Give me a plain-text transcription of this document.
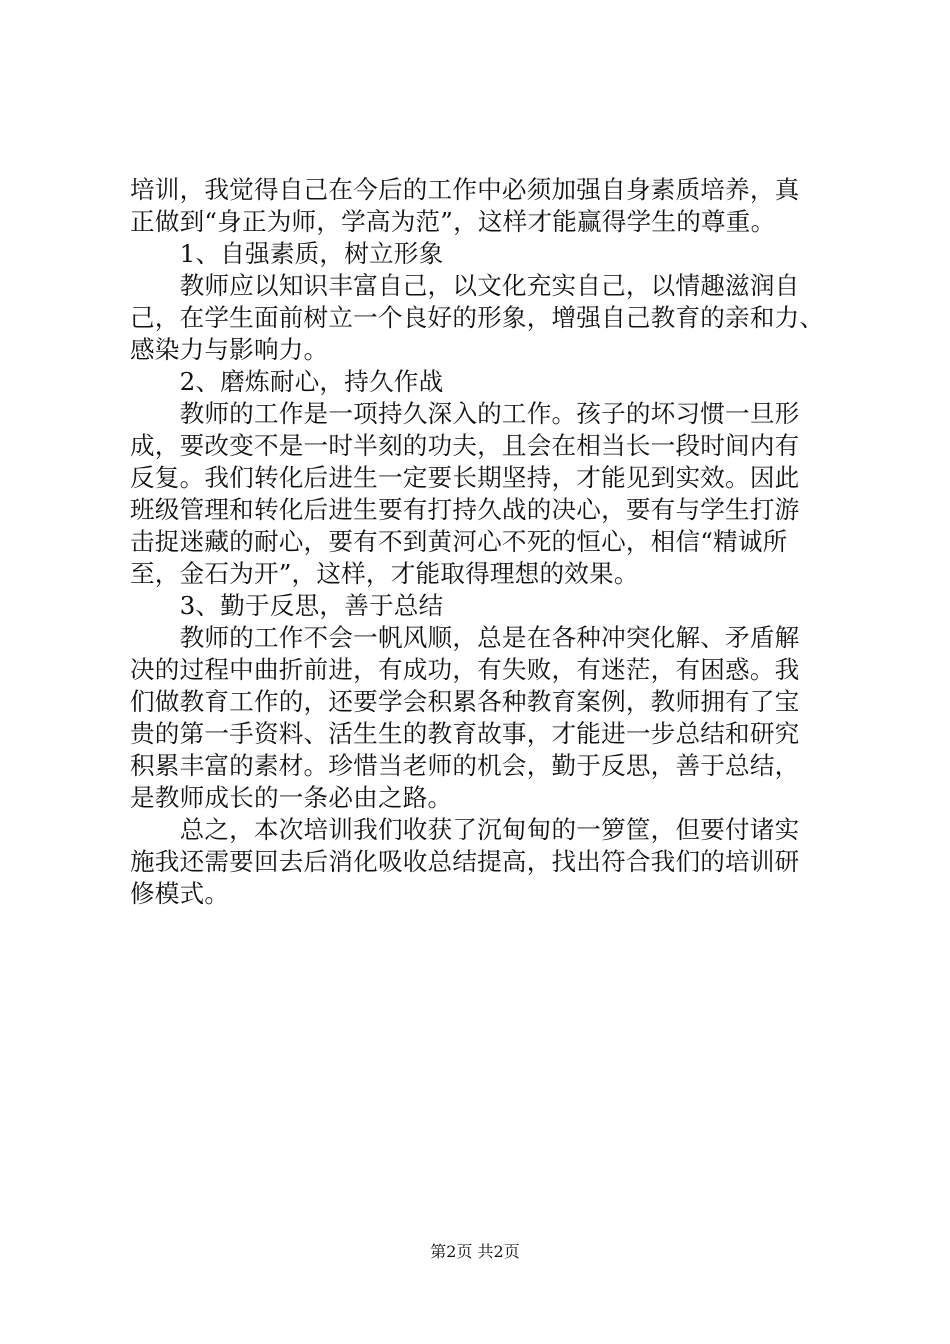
培训，我觉得自己在今后的工作中必须加强自身素质培养，真
正做到“身正为师，学高为范”，这样才能赢得学生的尊重。
　　1、自强素质，树立形象
　　教师应以知识丰富自己，以文化充实自己，以情趣滋润自
己，在学生面前树立一个良好的形象，增强自己教育的亲和力、
感染力与影响力。
　　2、磨炼耐心，持久作战
　　教师的工作是一项持久深入的工作。孩子的坏习惯一旦形
成，要改变不是一时半刻的功夫，且会在相当长一段时间内有
反复。我们转化后进生一定要长期坚持，才能见到实效。因此
班级管理和转化后进生要有打持久战的决心，要有与学生打游
击捉迷藏的耐心，要有不到黄河心不死的恒心，相信“精诚所
至，金石为开”，这样，才能取得理想的效果。
　　3、勤于反思，善于总结
　　教师的工作不会一帆风顺，总是在各种冲突化解、矛盾解
决的过程中曲折前进，有成功，有失败，有迷茫，有困惑。我
们做教育工作的，还要学会积累各种教育案例，教师拥有了宝
贵的第一手资料、活生生的教育故事，才能进一步总结和研究
积累丰富的素材。珍惜当老师的机会，勤于反思，善于总结，
是教师成长的一条必由之路。
　　总之，本次培训我们收获了沉甸甸的一箩筐，但要付诸实
施我还需要回去后消化吸收总结提高，找出符合我们的培训研
修模式。
第2页 共2页
